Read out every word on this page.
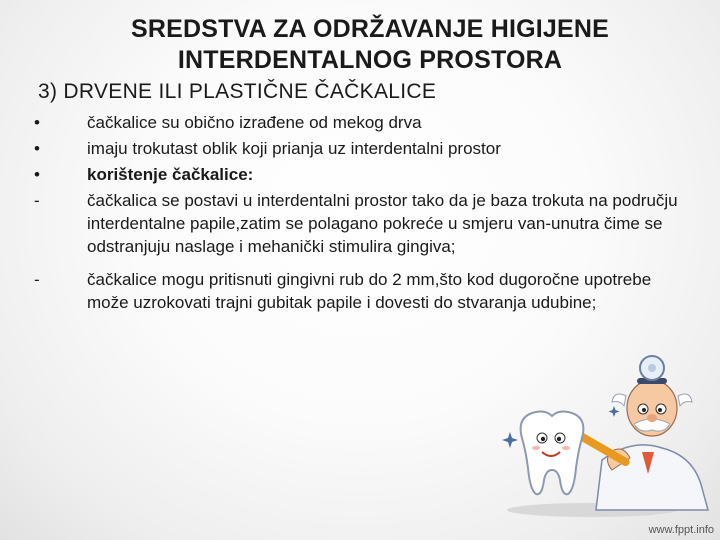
SREDSTVA ZA ODRŽAVANJE HIGIJENE
INTERDENTALNOG PROSTORA
3) DRVENE ILI PLASTIČNE ČAČKALICE
•	čačkalice su obično izrađene od mekog drva
•	imaju trokutast oblik koji prianja uz interdentalni prostor
•	korištenje čačkalice:
-	čačkalica se postavi u interdentalni prostor tako da je baza trokuta na području interdentalne papile,zatim se polagano pokreće u smjeru van-unutra čime se odstranjuju naslage i mehanički stimulira gingiva;
-	čačkalice mogu pritisnuti gingivni rub do 2 mm,što kod dugoročne upotrebe može uzrokovati trajni gubitak papile i dovesti do stvaranja udubine;
www.fppt.info
